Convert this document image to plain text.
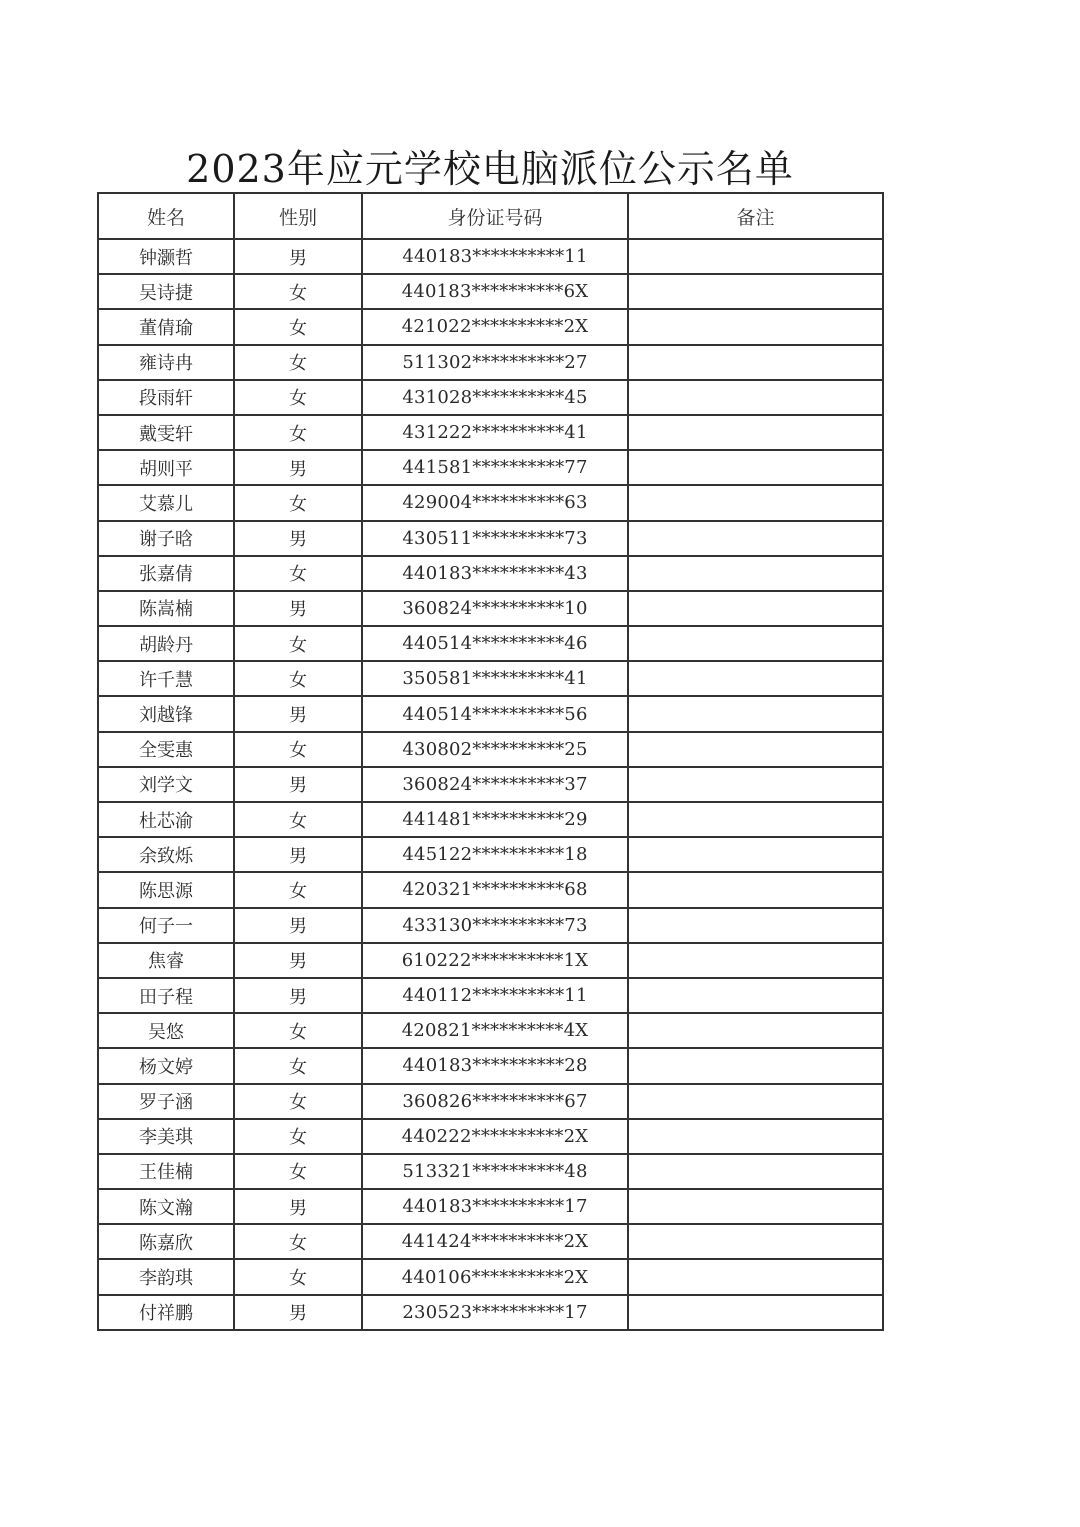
2023年应元学校电脑派位公示名单
姓名	性别	身份证号码	备注
钟灏哲	男	440183**********11	
吴诗捷	女	440183**********6X	
董倩瑜	女	421022**********2X	
雍诗冉	女	511302**********27	
段雨轩	女	431028**********45	
戴雯轩	女	431222**********41	
胡则平	男	441581**********77	
艾慕儿	女	429004**********63	
谢子晗	男	430511**********73	
张嘉倩	女	440183**********43	
陈嵩楠	男	360824**********10	
胡龄丹	女	440514**********46	
许千慧	女	350581**********41	
刘越锋	男	440514**********56	
全雯惠	女	430802**********25	
刘学文	男	360824**********37	
杜芯渝	女	441481**********29	
余致烁	男	445122**********18	
陈思源	女	420321**********68	
何子一	男	433130**********73	
焦睿	男	610222**********1X	
田子程	男	440112**********11	
吴悠	女	420821**********4X	
杨文婷	女	440183**********28	
罗子涵	女	360826**********67	
李美琪	女	440222**********2X	
王佳楠	女	513321**********48	
陈文瀚	男	440183**********17	
陈嘉欣	女	441424**********2X	
李韵琪	女	440106**********2X	
付祥鹏	男	230523**********17	
